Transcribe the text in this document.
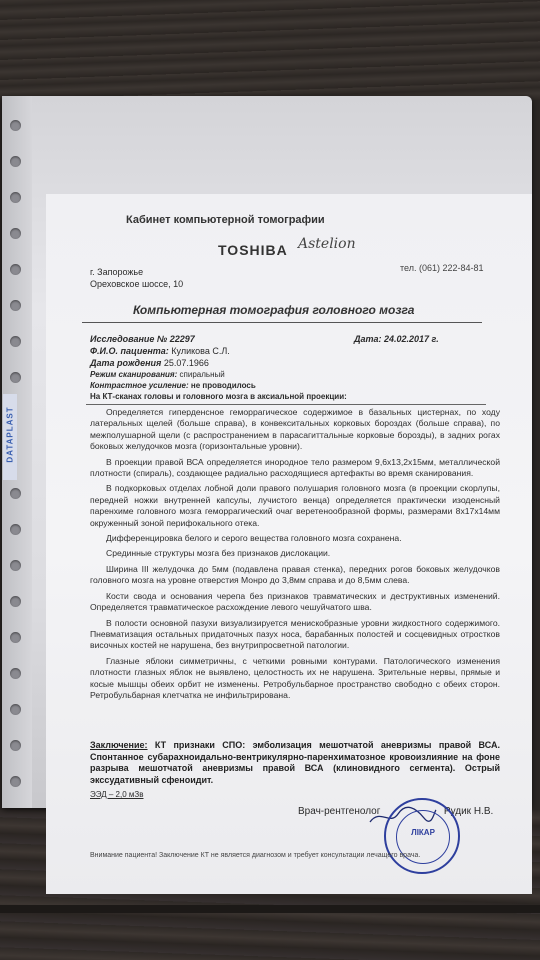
DATAPLAST
Кабинет компьютерной томографии
TOSHIBA Astelion
г. Запорожье
Ореховское шоссе, 10
тел. (061) 222-84-81
Компьютерная томография головного мозга
Исследование № 22297	Дата: 24.02.2017 г.
Ф.И.О. пациента: Куликова С.Л.
Дата рождения 25.07.1966
Режим сканирования: спиральный
Контрастное усиление: не проводилось
На КТ-сканах головы и головного мозга в аксиальной проекции:

Определяется гиперденсное геморрагическое содержимое в базальных цистернах, по ходу латеральных щелей (больше справа), в конвекситальных корковых бороздах (больше справа), по межполушарной щели (с распространением в парасагиттальные корковые борозды), в задних рогах боковых желудочков мозга (горизонтальные уровни).

В проекции правой ВСА определяется инородное тело размером 9,6х13,2х15мм, металлической плотности (спираль), создающее радиально расходящиеся артефакты во время сканирования.

В подкорковых отделах лобной доли правого полушария головного мозга (в проекции скорлупы, передней ножки внутренней капсулы, лучистого венца) определяется практически изоденсный паренхиме головного мозга геморрагический очаг веретенообразной формы, размерами 8х17х14мм окруженный зоной перифокального отека.

Дифференцировка белого и серого вещества головного мозга сохранена.

Срединные структуры мозга без признаков дислокации.

Ширина III желудочка до 5мм (подавлена правая стенка), передних рогов боковых желудочков головного мозга на уровне отверстия Монро до 3,8мм справа и до 8,5мм слева.

Кости свода и основания черепа без признаков травматических и деструктивных изменений. Определяется травматическое расхождение левого чешуйчатого шва.

В полости основной пазухи визуализируется менискобразные уровни жидкостного содержимого. Пневматизация остальных придаточных пазух носа, барабанных полостей и сосцевидных отростков височных костей не нарушена, без внутрипросветной патологии.

Глазные яблоки симметричны, с четкими ровными контурами. Патологического изменения плотности глазных яблок не выявлено, целостность их не нарушена. Зрительные нервы, прямые и косые мышцы обеих орбит не изменены. Ретробульбарное пространство свободно с обеих сторон. Ретробульбарная клетчатка не инфильтрирована.

Заключение: КТ признаки СПО: эмболизация мешотчатой аневризмы правой ВСА. Спонтанное субарахноидально-вентрикулярно-паренхиматозное кровоизлияние на фоне разрыва мешотчатой аневризмы правой ВСА (клиновидного сегмента). Острый экссудативный сфеноидит.
ЭЭД – 2,0 мЗв
Врач-рентгенолог	Рудик Н.В.
ЛІКАР
Внимание пациента! Заключение КТ не является диагнозом и требует консультации лечащего врача.
